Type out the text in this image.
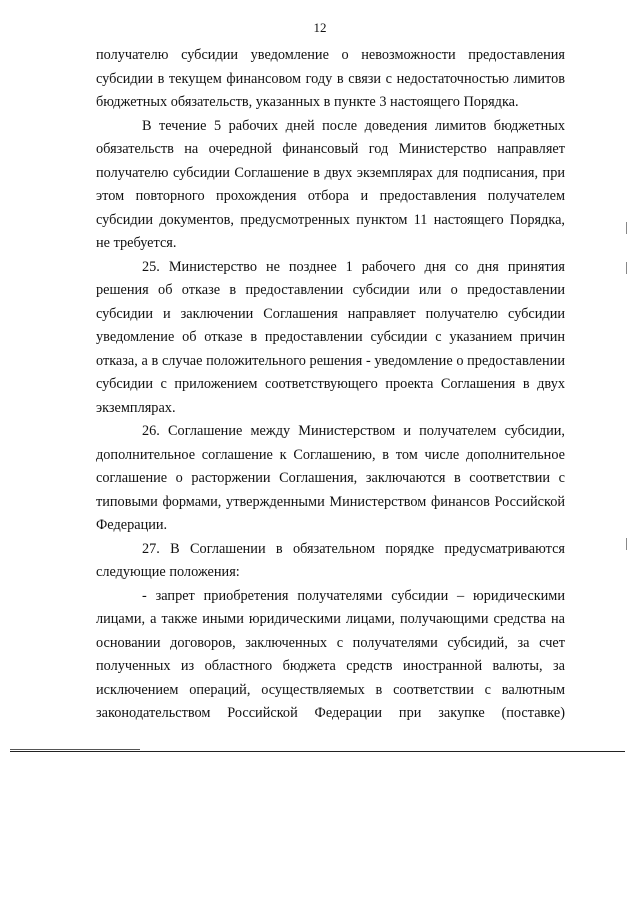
12

получателю субсидии уведомление о невозможности предоставления субсидии в текущем финансовом году в связи с недостаточностью лимитов бюджетных обязательств, указанных в пункте 3 настоящего Порядка.

В течение 5 рабочих дней после доведения лимитов бюджетных обязательств на очередной финансовый год Министерство направляет получателю субсидии Соглашение в двух экземплярах для подписания, при этом повторного прохождения отбора и предоставления получателем субсидии документов, предусмотренных пунктом 11 настоящего Порядка, не требуется.

25. Министерство не позднее 1 рабочего дня со дня принятия решения об отказе в предоставлении субсидии или о предоставлении субсидии и заключении Соглашения направляет получателю субсидии уведомление об отказе в предоставлении субсидии с указанием причин отказа, а в случае положительного решения - уведомление о предоставлении субсидии с приложением соответствующего проекта Соглашения в двух экземплярах.

26. Соглашение между Министерством и получателем субсидии, дополнительное соглашение к Соглашению, в том числе дополнительное соглашение о расторжении Соглашения, заключаются в соответствии с типовыми формами, утвержденными Министерством финансов Российской Федерации.

27. В Соглашении в обязательном порядке предусматриваются следующие положения:

- запрет приобретения получателями субсидии – юридическими лицами, а также иными юридическими лицами, получающими средства на основании договоров, заключенных с получателями субсидий, за счет полученных из областного бюджета средств иностранной валюты, за исключением операций, осуществляемых в соответствии с валютным законодательством Российской Федерации при закупке (поставке)
